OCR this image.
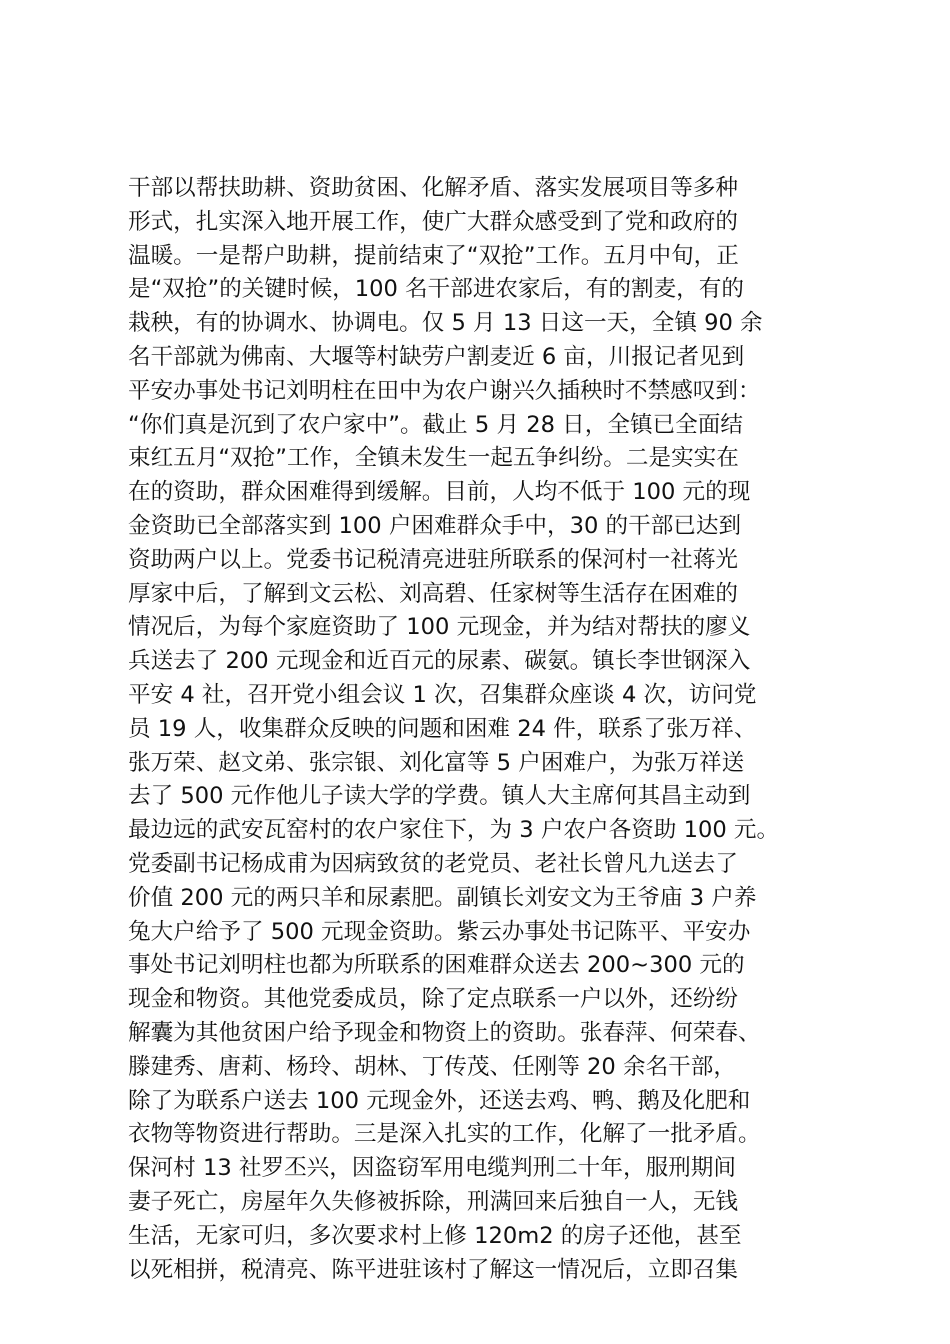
干部以帮扶助耕、资助贫困、化解矛盾、落实发展项目等多种
形式，扎实深入地开展工作，使广大群众感受到了党和政府的
温暖。一是帮户助耕，提前结束了“双抢”工作。五月中旬，正
是“双抢”的关键时候，100 名干部进农家后，有的割麦，有的
栽秧，有的协调水、协调电。仅 5 月 13 日这一天，全镇 90 余
名干部就为佛南、大堰等村缺劳户割麦近 6 亩，川报记者见到
平安办事处书记刘明柱在田中为农户谢兴久插秧时不禁感叹到：
“你们真是沉到了农户家中”。截止 5 月 28 日，全镇已全面结
束红五月“双抢”工作，全镇未发生一起五争纠纷。二是实实在
在的资助，群众困难得到缓解。目前，人均不低于 100 元的现
金资助已全部落实到 100 户困难群众手中，30 的干部已达到
资助两户以上。党委书记税清亮进驻所联系的保河村一社蒋光
厚家中后，了解到文云松、刘高碧、任家树等生活存在困难的
情况后，为每个家庭资助了 100 元现金，并为结对帮扶的廖义
兵送去了 200 元现金和近百元的尿素、碳氨。镇长李世钢深入
平安 4 社，召开党小组会议 1 次，召集群众座谈 4 次，访问党
员 19 人，收集群众反映的问题和困难 24 件，联系了张万祥、
张万荣、赵文弟、张宗银、刘化富等 5 户困难户，为张万祥送
去了 500 元作他儿子读大学的学费。镇人大主席何其昌主动到
最边远的武安瓦窑村的农户家住下，为 3 户农户各资助 100 元。
党委副书记杨成甫为因病致贫的老党员、老社长曾凡九送去了
价值 200 元的两只羊和尿素肥。副镇长刘安文为王爷庙 3 户养
兔大户给予了 500 元现金资助。紫云办事处书记陈平、平安办
事处书记刘明柱也都为所联系的困难群众送去 200~300 元的
现金和物资。其他党委成员，除了定点联系一户以外，还纷纷
解囊为其他贫困户给予现金和物资上的资助。张春萍、何荣春、
滕建秀、唐莉、杨玲、胡林、丁传茂、任刚等 20 余名干部，
除了为联系户送去 100 元现金外，还送去鸡、鸭、鹅及化肥和
衣物等物资进行帮助。三是深入扎实的工作，化解了一批矛盾。
保河村 13 社罗丕兴，因盗窃军用电缆判刑二十年，服刑期间
妻子死亡，房屋年久失修被拆除，刑满回来后独自一人，无钱
生活，无家可归，多次要求村上修 120m2 的房子还他，甚至
以死相拼，税清亮、陈平进驻该村了解这一情况后，立即召集
